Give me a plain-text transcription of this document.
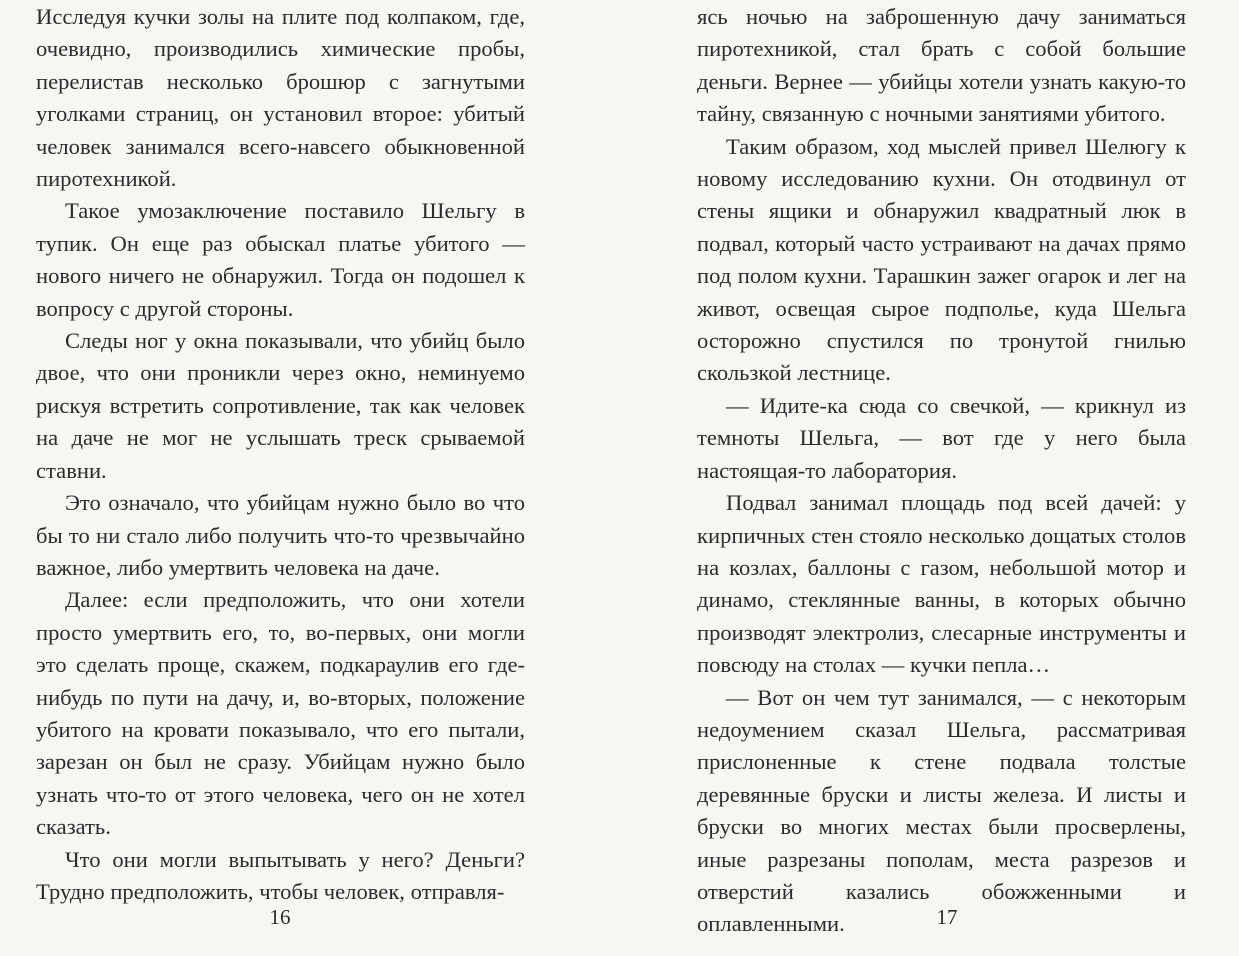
Исследуя кучки золы на плите под колпаком, где, очевидно, производились химические пробы, перелистав несколько брошюр с загнутыми уголками страниц, он установил второе: убитый человек занимался всего-навсего обыкновенной пиротехникой.

Такое умозаключение поставило Шельгу в тупик. Он еще раз обыскал платье убитого — нового ничего не обнаружил. Тогда он подошел к вопросу с другой стороны.

Следы ног у окна показывали, что убийц было двое, что они проникли через окно, неминуемо рискуя встретить сопротивление, так как человек на даче не мог не услышать треск срываемой ставни.

Это означало, что убийцам нужно было во что бы то ни стало либо получить что-то чрезвычайно важное, либо умертвить человека на даче.

Далее: если предположить, что они хотели просто умертвить его, то, во-первых, они могли это сделать проще, скажем, подкараулив его где-нибудь по пути на дачу, и, во-вторых, положение убитого на кровати показывало, что его пытали, зарезан он был не сразу. Убийцам нужно было узнать что-то от этого человека, чего он не хотел сказать.

Что они могли выпытывать у него? Деньги? Трудно предположить, чтобы человек, отправля-

16

ясь ночью на заброшенную дачу заниматься пиротехникой, стал брать с собой большие деньги. Вернее — убийцы хотели узнать какую-то тайну, связанную с ночными занятиями убитого.

Таким образом, ход мыслей привел Шелюгу к новому исследованию кухни. Он отодвинул от стены ящики и обнаружил квадратный люк в подвал, который часто устраивают на дачах прямо под полом кухни. Тарашкин зажег огарок и лег на живот, освещая сырое подполье, куда Шельга осторожно спустился по тронутой гнилью скользкой лестнице.

— Идите-ка сюда со свечкой, — крикнул из темноты Шельга, — вот где у него была настоящая-то лаборатория.

Подвал занимал площадь под всей дачей: у кирпичных стен стояло несколько дощатых столов на козлах, баллоны с газом, небольшой мотор и динамо, стеклянные ванны, в которых обычно производят электролиз, слесарные инструменты и повсюду на столах — кучки пепла…

— Вот он чем тут занимался, — с некоторым недоумением сказал Шельга, рассматривая прислоненные к стене подвала толстые деревянные бруски и листы железа. И листы и бруски во многих местах были просверлены, иные разрезаны пополам, места разрезов и отверстий казались обожженными и оплавленными.	17
